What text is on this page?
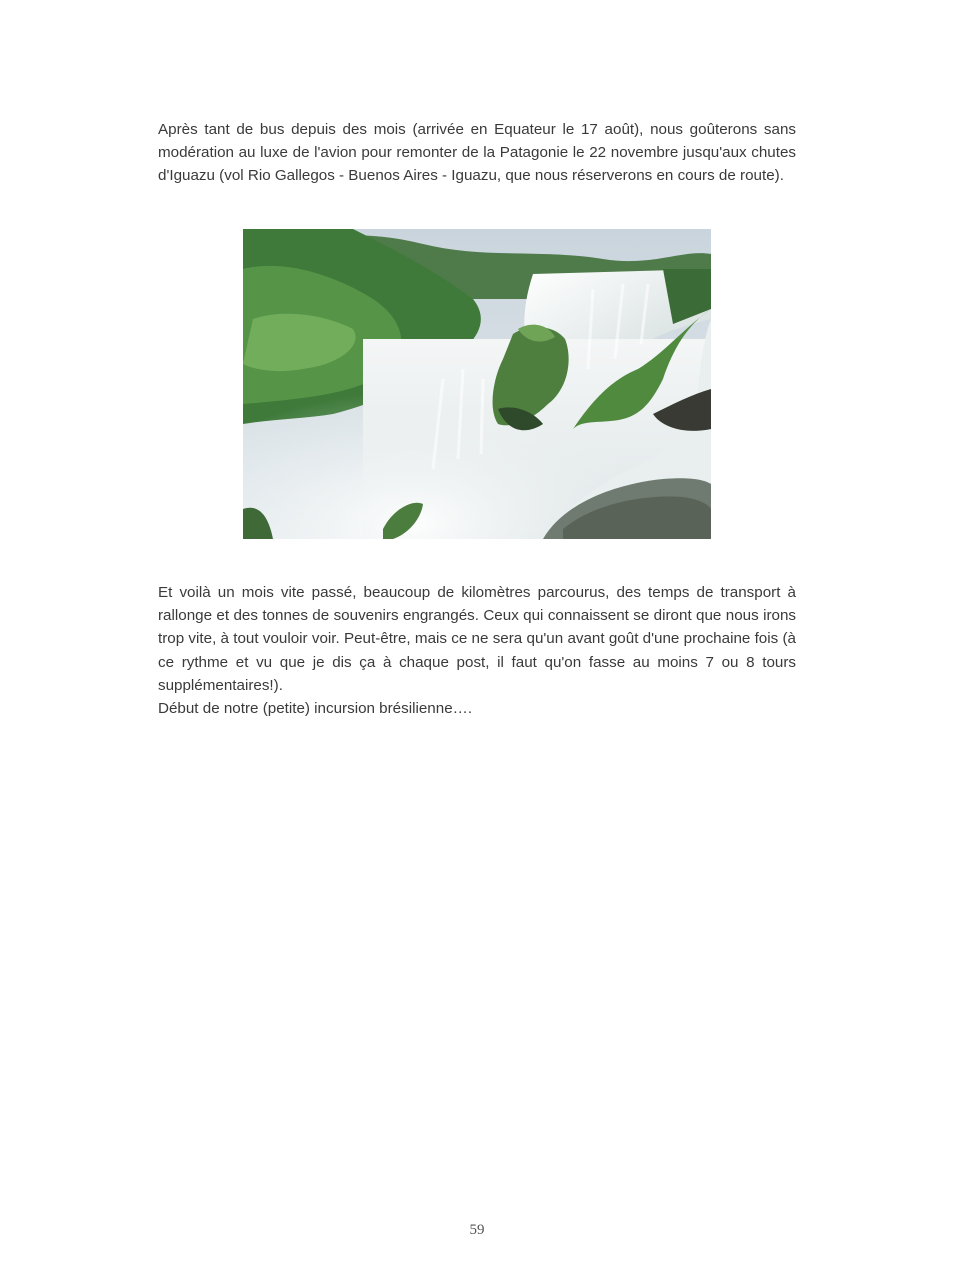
Après tant de bus depuis des mois (arrivée en Equateur le 17 août), nous goûterons sans modération au luxe de l'avion pour remonter de la Patagonie le 22 novembre jusqu'aux chutes d'Iguazu (vol Rio Gallegos - Buenos Aires - Iguazu, que nous réserverons en cours de route).

Et voilà un mois vite passé, beaucoup de kilomètres parcourus, des temps de transport à rallonge et des tonnes de souvenirs engrangés. Ceux qui connaissent se diront que nous irons trop vite, à tout vouloir voir. Peut-être, mais ce ne sera qu'un avant goût d'une prochaine fois (à ce rythme et vu que je dis ça à chaque post, il faut qu'on fasse au moins 7 ou 8 tours supplémentaires!).

Début de notre (petite) incursion brésilienne….

59
